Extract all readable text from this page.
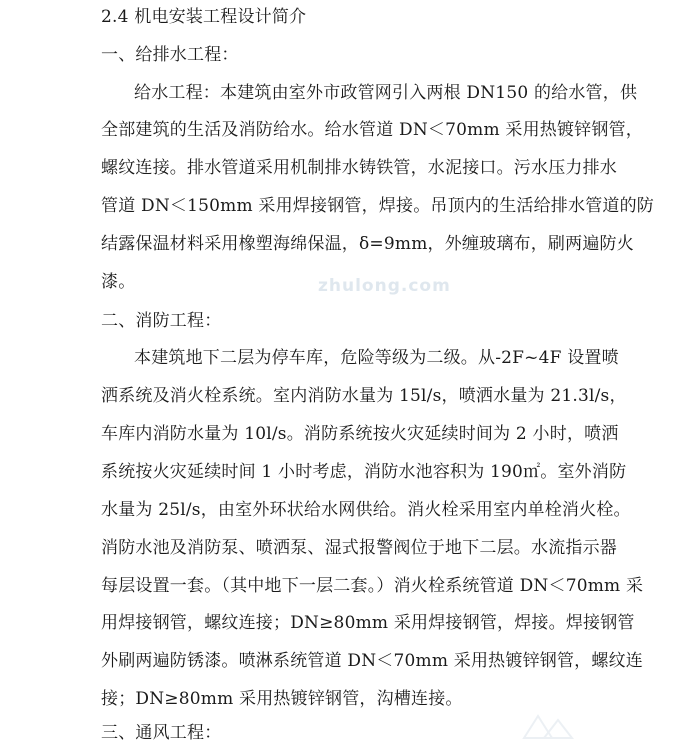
2.4 机电安装工程设计简介
一、给排水工程：
给水工程：本建筑由室外市政管网引入两根 DN150 的给水管，供
全部建筑的生活及消防给水。给水管道 DN＜70mm 采用热镀锌钢管，
螺纹连接。排水管道采用机制排水铸铁管，水泥接口。污水压力排水
管道 DN＜150mm 采用焊接钢管，焊接。吊顶内的生活给排水管道的防
结露保温材料采用橡塑海绵保温，δ=9mm，外缠玻璃布，刷两遍防火
漆。
二、消防工程：
本建筑地下二层为停车库，危险等级为二级。从-2F~4F 设置喷
洒系统及消火栓系统。室内消防水量为 15l/s，喷洒水量为 21.3l/s，
车库内消防水量为 10l/s。消防系统按火灾延续时间为 2 小时，喷洒
系统按火灾延续时间 1 小时考虑，消防水池容积为 190㎡。室外消防
水量为 25l/s，由室外环状给水网供给。消火栓采用室内单栓消火栓。
消防水池及消防泵、喷洒泵、湿式报警阀位于地下二层。水流指示器
每层设置一套。（其中地下一层二套。）消火栓系统管道 DN＜70mm 采
用焊接钢管，螺纹连接；DN≥80mm 采用焊接钢管，焊接。焊接钢管
外刷两遍防锈漆。喷淋系统管道 DN＜70mm 采用热镀锌钢管，螺纹连
接；DN≥80mm 采用热镀锌钢管，沟槽连接。
三、通风工程：
zhulong.com
